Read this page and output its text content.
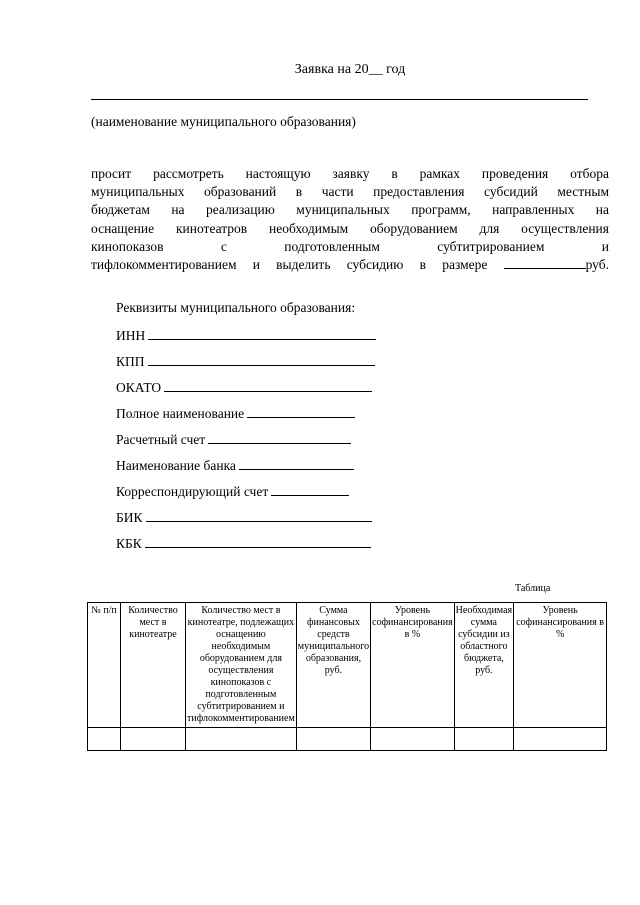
Заявка на 20__ год
(наименование муниципального образования)
просит рассмотреть настоящую заявку в рамках проведения отбора
муниципальных образований в части предоставления субсидий местным
бюджетам на реализацию муниципальных программ, направленных на
оснащение кинотеатров необходимым оборудованием для осуществления
кинопоказов с подготовленным субтитрированием и
тифлокомментированием и выделить субсидию в размере	руб.
Реквизиты муниципального образования:
ИНН
КПП
ОКАТО
Полное наименование
Расчетный счет
Наименование банка
Корреспондирующий счет
БИК
КБК
Таблица
№ п/п	Количество мест в кинотеатре	Количество мест в кинотеатре, подлежащих оснащению необходимым оборудованием для осуществления кинопоказов с подготовленным субтитрированием и тифлокомментированием	Сумма финансовых средств муниципального образования, руб.	Уровень софинансирования в %	Необходимая сумма субсидии из областного бюджета, руб.	Уровень софинансирования в %
